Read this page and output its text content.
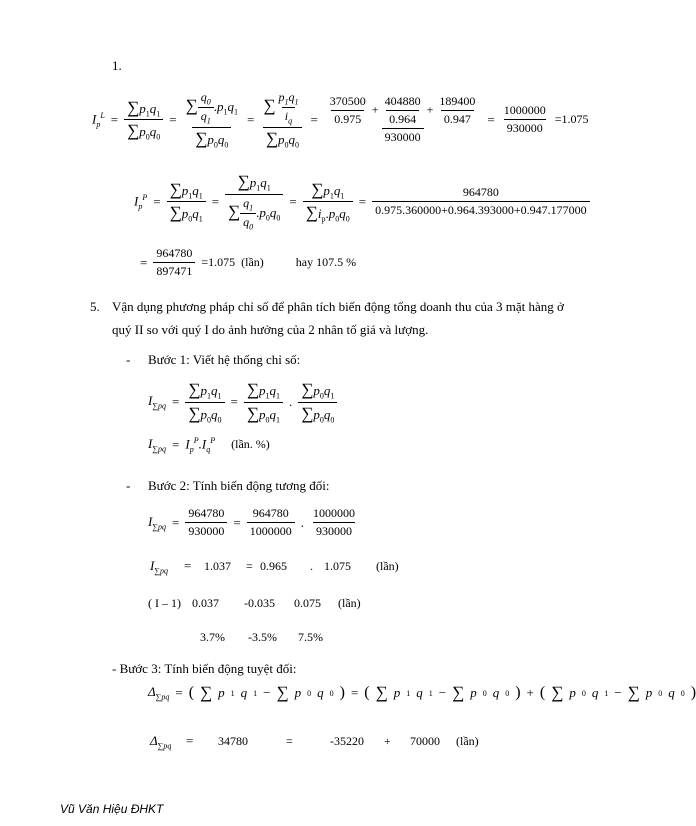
1.
$I_p^L = \frac{\sum p_1q_1}{\sum p_0q_0} = \frac{\sum \frac{q_0}{q_1} .p_1q_1}{\sum p_0q_0} = \frac{\sum \frac{p_1q_1}{i_q}}{\sum p_0q_0} = \frac{370500}{0.975} + \frac{404880}{0.964} + \frac{189400}{0.947}$
930000
= $\frac{1000000}{930000} =1.075$
$I_p^P = \frac{\sum p_1q_1}{\sum p_0q_1} = \frac{\sum p_1q_1}{\sum \frac{q_1}{q_0} .p_0q_0} = \frac{\sum p_1q_1}{\sum i_p.p_0q_0} = \frac{964780}{0.975.360000+0.964.393000+0.947.177000}$
= $\frac{964780}{897471} =1.075$ (lần)	hay 107.5 %
5. Vận dụng phương pháp chỉ số để phân tích biến động tổng doanh thu của 3 mặt hàng ở
quý II so với quý I do ảnh hưởng của 2 nhân tố giá và lượng.
- Bước 1: Viết hệ thống chỉ số:
$I_{\sum pq} = \frac{\sum p_1q_1}{\sum p_0q_0} = \frac{\sum p_1q_1}{\sum p_0q_1}$ .
$\sum p_0q_1$
$\sum p_0q_0$
$I_{\sum pq} = I_p^P.I_q^P$ (lần. %)
- Bước 2: Tính biến động tương đối:
$I_{\sum pq} = \frac{964780}{930000} = \frac{964780}{1000000}$ .
1000000
930000
$I_{\sum pq} = 1.037 = 0.965$ . 1.075 (lần)
( I – 1) 0.037 -0.035 0.075 (lần)
3.7% -3.5% 7.5%
- Bước 3: Tính biến động tuyệt đối:
$\Delta_{\sum pq}$ = ( ∑ p 1 q 1 − ∑ p 0 q 0 ) = ( ∑ p 1 q 1 − ∑ p 0 q 0 ) + ( ∑ p 0 q 1 − ∑ p 0 q 0 )
$\Delta_{\sum pq} = 34780$	=	-35220 + 70000 (lần)
Vũ Văn Hiệu ĐHKT
